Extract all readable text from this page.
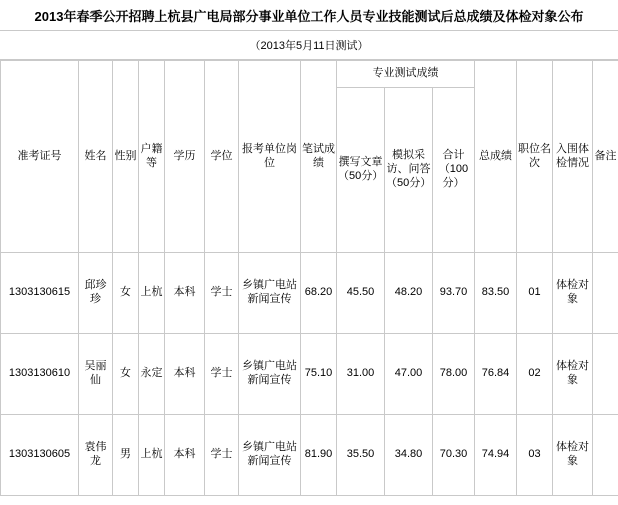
2013年春季公开招聘上杭县广电局部分事业单位工作人员专业技能测试后总成绩及体检对象公布
（2013年5月11日测试）
准考证号	姓名	性别	户籍等	学历	学位	报考单位岗位	笔试成绩	专业测试成绩			总成绩	职位名次	入围体检情况	备注
								撰写文章（50分）	模拟采访、问答（50分）	合计（100分）				
1303130615	邱珍珍	女	上杭	本科	学士	乡镇广电站新闻宣传	68.20	45.50	48.20	93.70	83.50	01	体检对象	
1303130610	吴丽仙	女	永定	本科	学士	乡镇广电站新闻宣传	75.10	31.00	47.00	78.00	76.84	02	体检对象	
1303130605	袁伟龙	男	上杭	本科	学士	乡镇广电站新闻宣传	81.90	35.50	34.80	70.30	74.94	03	体检对象	
